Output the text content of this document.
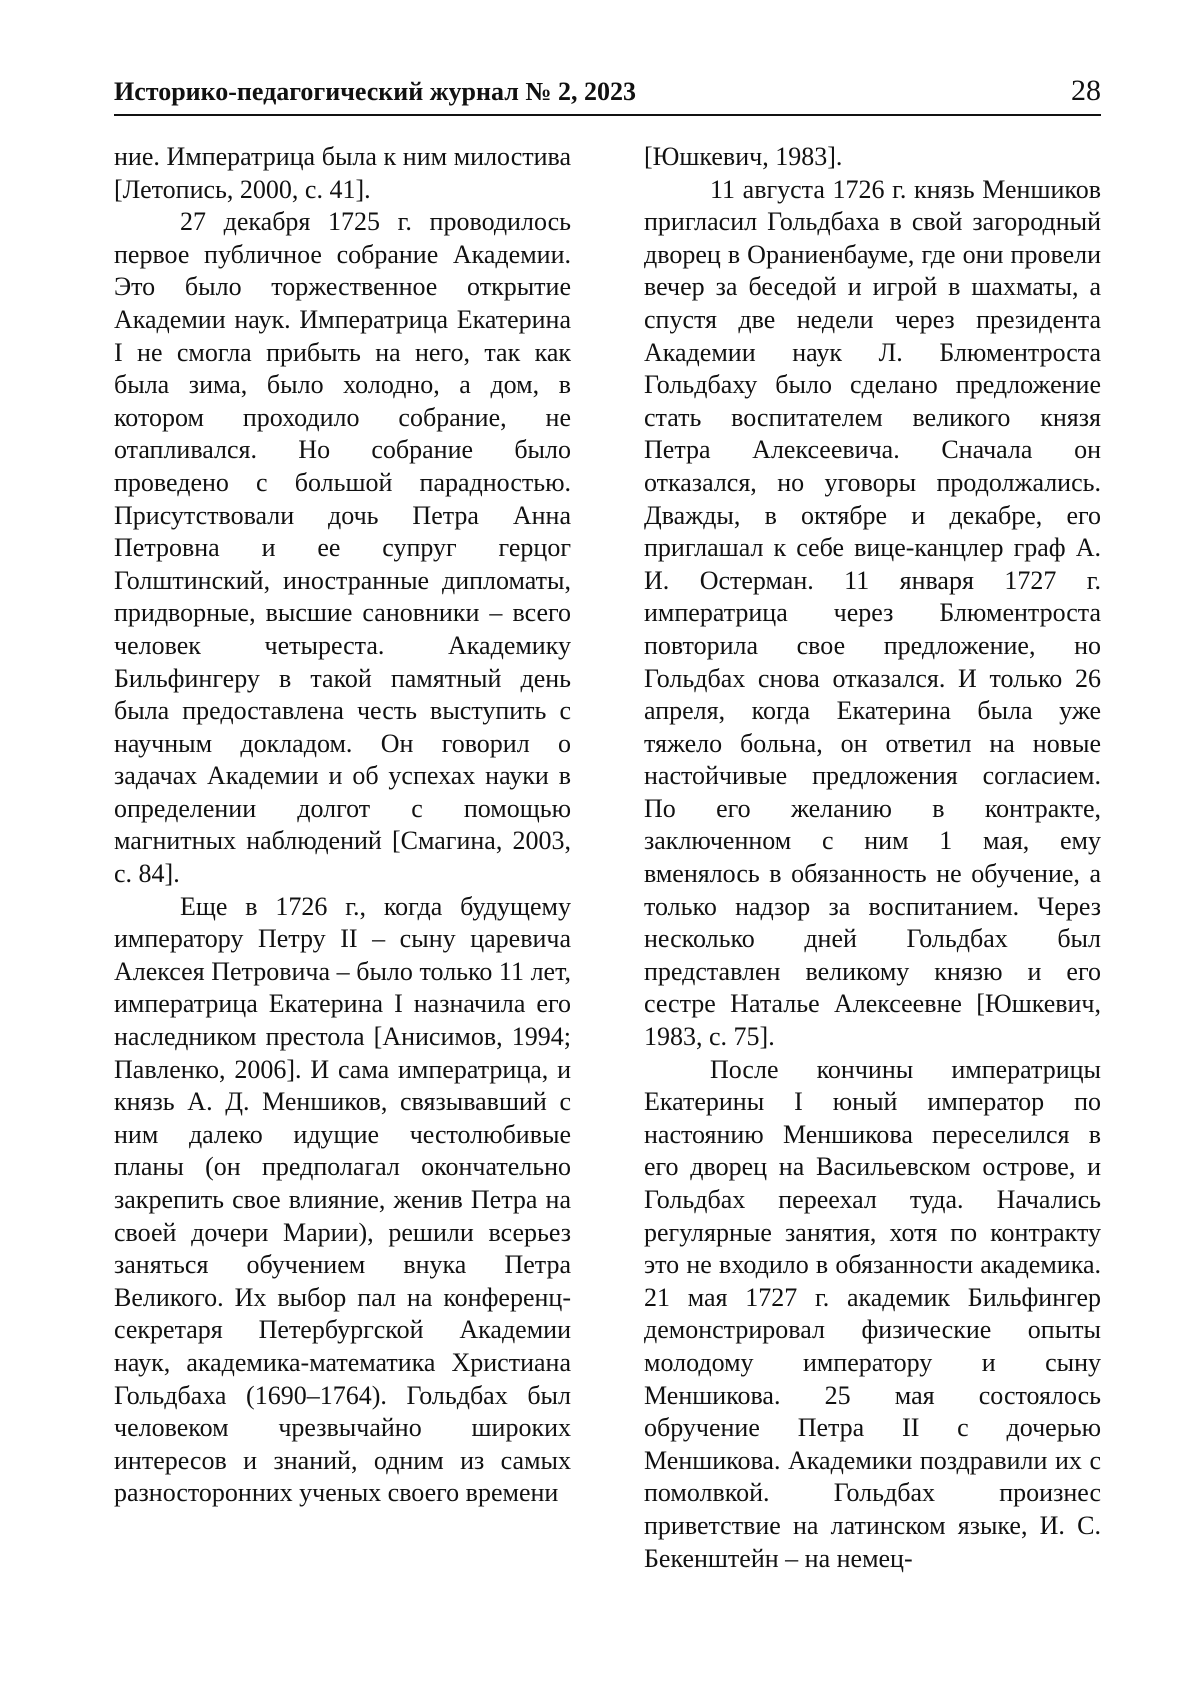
Историко-педагогический журнал № 2, 2023	28

ние. Императрица была к ним милостива [Летопись, 2000, с. 41].

27 декабря 1725 г. проводилось первое публичное собрание Академии. Это было торжественное открытие Академии наук. Императрица Екатерина I не смогла прибыть на него, так как была зима, было холодно, а дом, в котором проходило собрание, не отапливался. Но собрание было проведено с большой парадностью. Присутствовали дочь Петра Анна Петровна и ее супруг герцог Голштинский, иностранные дипломаты, придворные, высшие сановники – всего человек четыреста. Академику Бильфингеру в такой памятный день была предоставлена честь выступить с научным докладом. Он говорил о задачах Академии и об успехах науки в определении долгот с помощью магнитных наблюдений [Смагина, 2003, с. 84].

Еще в 1726 г., когда будущему императору Петру II – сыну царевича Алексея Петровича – было только 11 лет, императрица Екатерина I назначила его наследником престола [Анисимов, 1994; Павленко, 2006]. И сама императрица, и князь А. Д. Меншиков, связывавший с ним далеко идущие честолюбивые планы (он предполагал окончательно закрепить свое влияние, женив Петра на своей дочери Марии), решили всерьез заняться обучением внука Петра Великого. Их выбор пал на конференц-секретаря Петербургской Академии наук, академика-математика Христиана Гольдбаха (1690–1764). Гольдбах был человеком чрезвычайно широких интересов и знаний, одним из самых разносторонних ученых своего времени

[Юшкевич, 1983].

11 августа 1726 г. князь Меншиков пригласил Гольдбаха в свой загородный дворец в Ораниенбауме, где они провели вечер за беседой и игрой в шахматы, а спустя две недели через президента Академии наук Л. Блюментроста Гольдбаху было сделано предложение стать воспитателем великого князя Петра Алексеевича. Сначала он отказался, но уговоры продолжались. Дважды, в октябре и декабре, его приглашал к себе вице-канцлер граф А. И. Остерман. 11 января 1727 г. императрица через Блюментроста повторила свое предложение, но Гольдбах снова отказался. И только 26 апреля, когда Екатерина была уже тяжело больна, он ответил на новые настойчивые предложения согласием. По его желанию в контракте, заключенном с ним 1 мая, ему вменялось в обязанность не обучение, а только надзор за воспитанием. Через несколько дней Гольдбах был представлен великому князю и его сестре Наталье Алексеевне [Юшкевич, 1983, с. 75].

После кончины императрицы Екатерины I юный император по настоянию Меншикова переселился в его дворец на Васильевском острове, и Гольдбах переехал туда. Начались регулярные занятия, хотя по контракту это не входило в обязанности академика. 21 мая 1727 г. академик Бильфингер демонстрировал физические опыты молодому императору и сыну Меншикова. 25 мая состоялось обручение Петра II с дочерью Меншикова. Академики поздравили их с помолвкой. Гольдбах произнес приветствие на латинском языке, И. С. Бекенштейн – на немец-
